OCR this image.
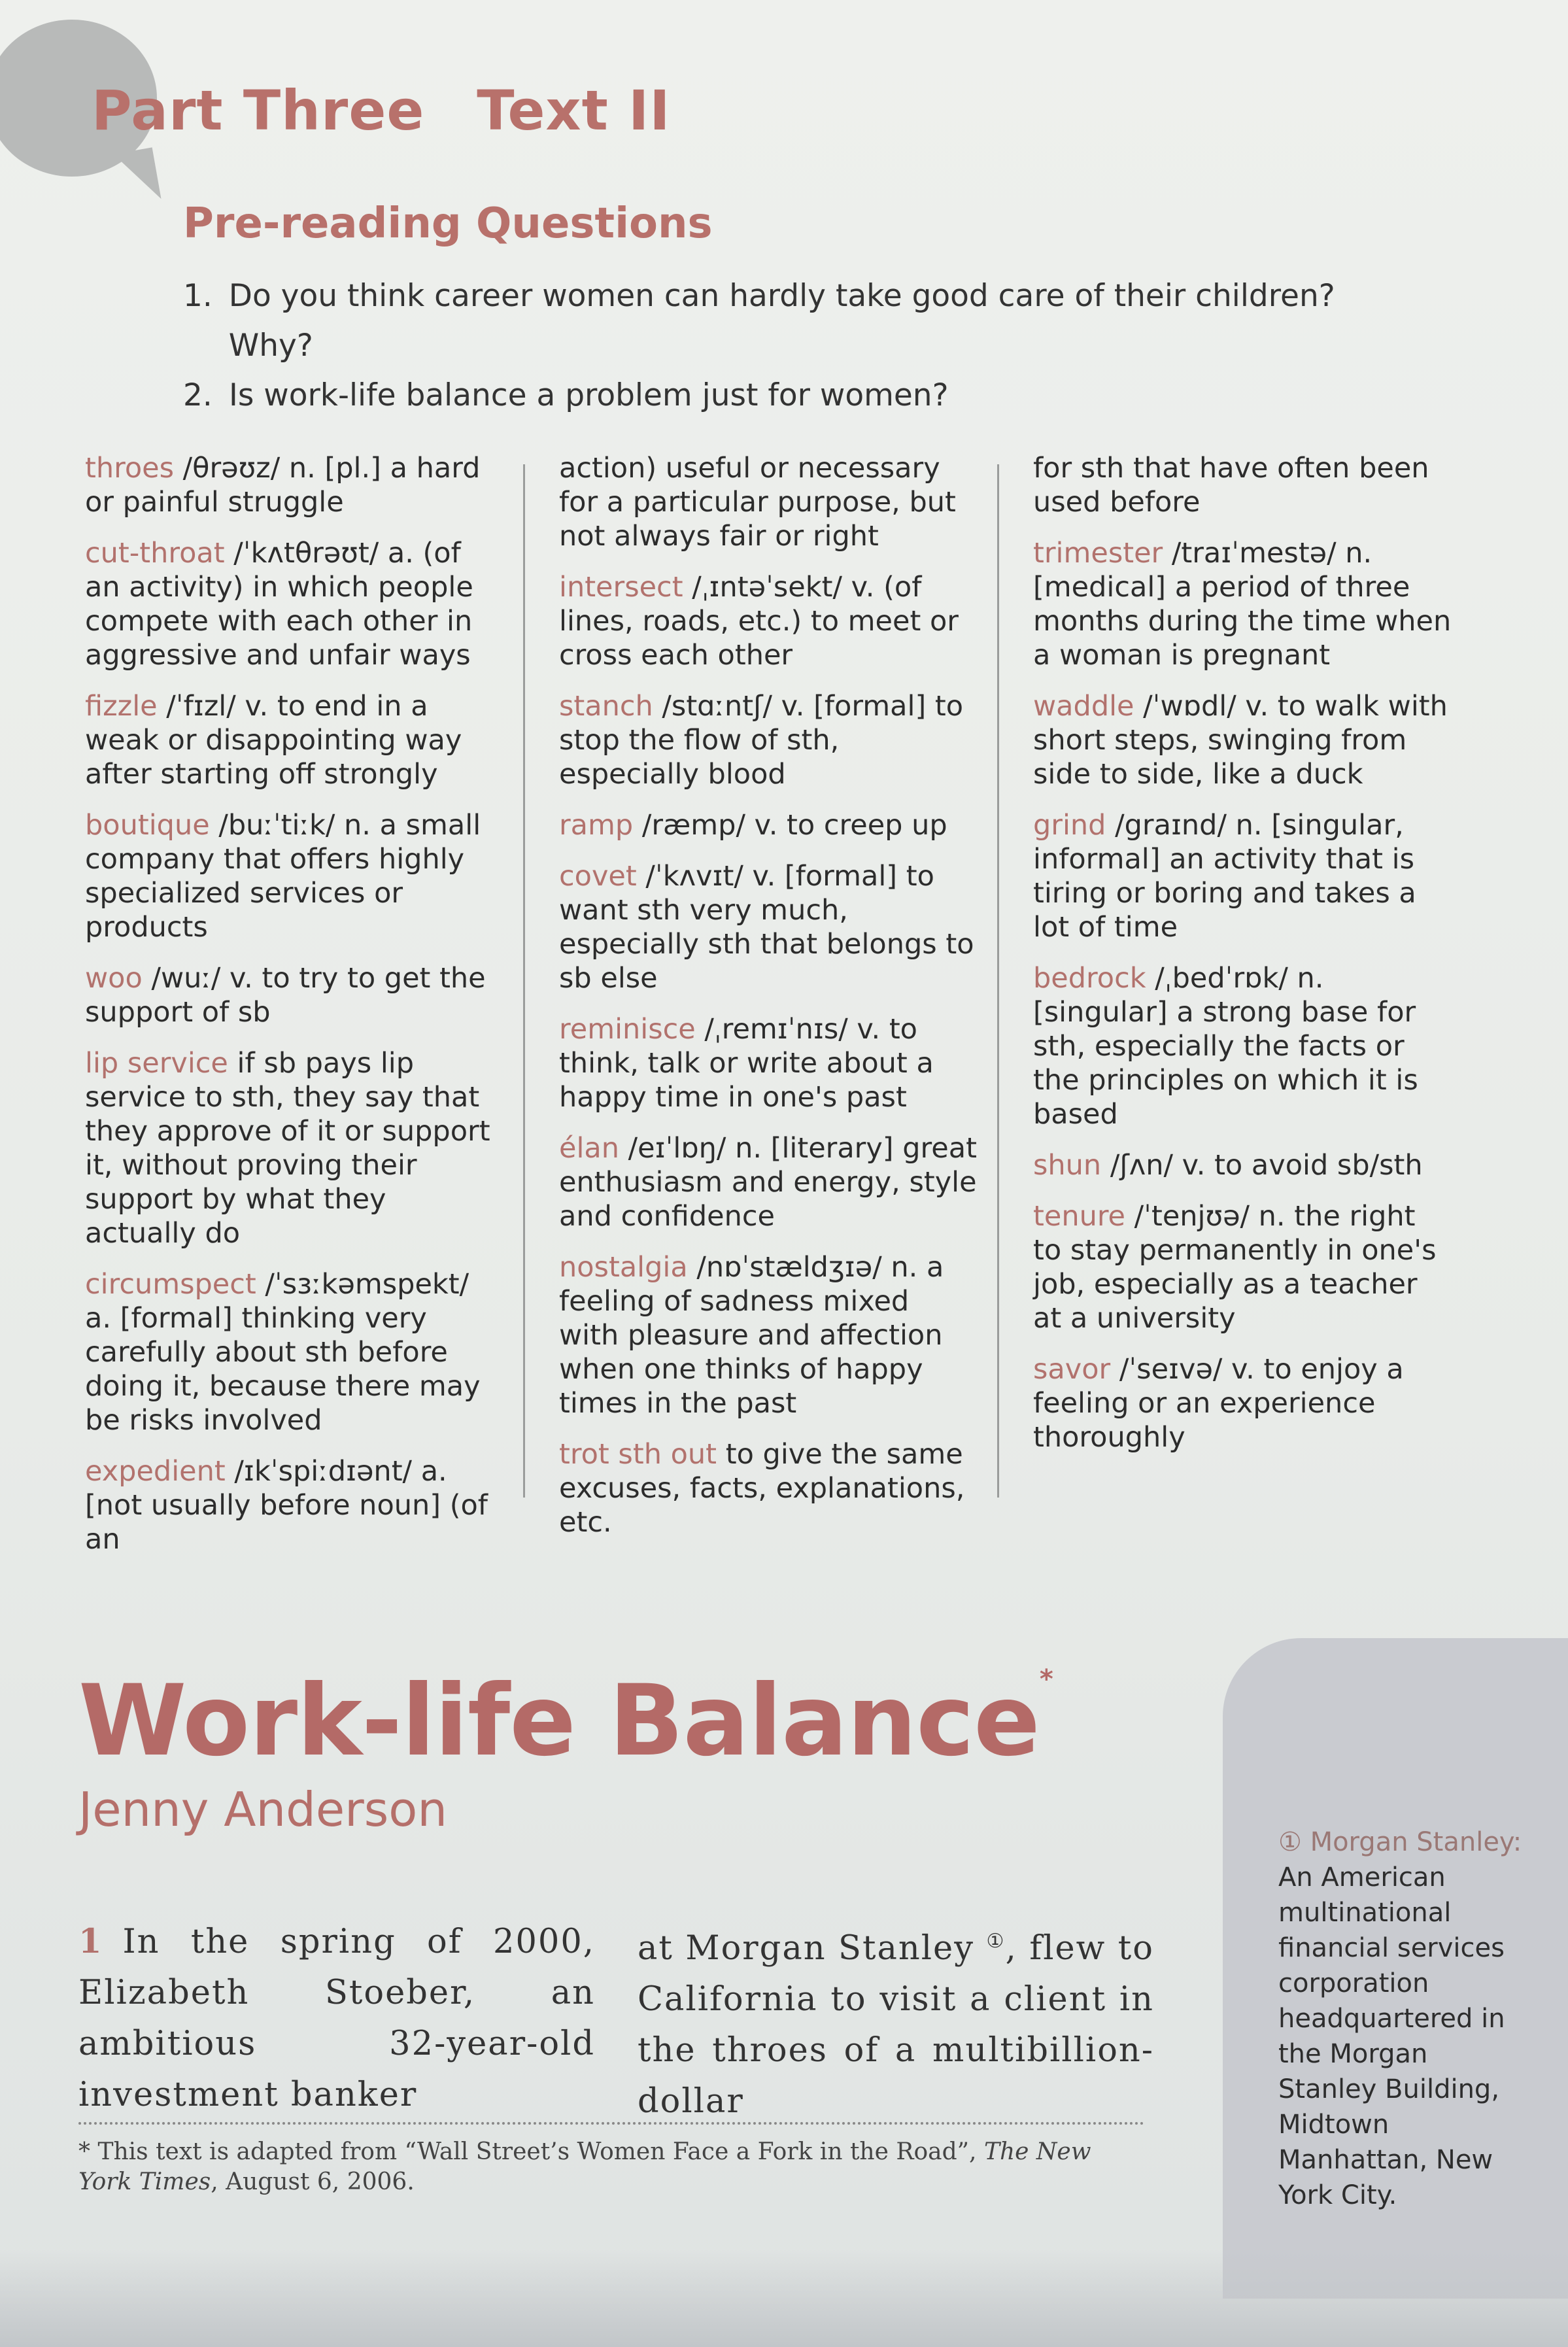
Part Three Text II
Pre-reading Questions
1. Do you think career women can hardly take good care of their children? Why?
2. Is work-life balance a problem just for women?
throes /θrəʊz/ n. [pl.] a hard or painful struggle
cut-throat /ˈkʌtθrəʊt/ a. (of an activity) in which people compete with each other in aggressive and unfair ways
fizzle /ˈfɪzl/ v. to end in a weak or disappointing way after starting off strongly
boutique /buːˈtiːk/ n. a small company that offers highly specialized services or products
woo /wuː/ v. to try to get the support of sb
lip service if sb pays lip service to sth, they say that they approve of it or support it, without proving their support by what they actually do
circumspect /ˈsɜːkəmspekt/ a. [formal] thinking very carefully about sth before doing it, because there may be risks involved
expedient /ɪkˈspiːdɪənt/ a. [not usually before noun] (of an
action) useful or necessary for a particular purpose, but not always fair or right
intersect /ˌɪntəˈsekt/ v. (of lines, roads, etc.) to meet or cross each other
stanch /stɑːntʃ/ v. [formal] to stop the flow of sth, especially blood
ramp /ræmp/ v. to creep up
covet /ˈkʌvɪt/ v. [formal] to want sth very much, especially sth that belongs to sb else
reminisce /ˌremɪˈnɪs/ v. to think, talk or write about a happy time in one's past
élan /eɪˈlɒŋ/ n. [literary] great enthusiasm and energy, style and confidence
nostalgia /nɒˈstældʒɪə/ n. a feeling of sadness mixed with pleasure and affection when one thinks of happy times in the past
trot sth out to give the same excuses, facts, explanations, etc.
for sth that have often been used before
trimester /traɪˈmestə/ n. [medical] a period of three months during the time when a woman is pregnant
waddle /ˈwɒdl/ v. to walk with short steps, swinging from side to side, like a duck
grind /graɪnd/ n. [singular, informal] an activity that is tiring or boring and takes a lot of time
bedrock /ˌbedˈrɒk/ n. [singular] a strong base for sth, especially the facts or the principles on which it is based
shun /ʃʌn/ v. to avoid sb/sth
tenure /ˈtenjʊə/ n. the right to stay permanently in one's job, especially as a teacher at a university
savor /ˈseɪvə/ v. to enjoy a feeling or an experience thoroughly
Work-life Balance*
Jenny Anderson
1 In the spring of 2000, Elizabeth Stoeber, an ambitious 32-year-old investment banker
at Morgan Stanley ①, flew to California to visit a client in the throes of a multibillion-dollar
* This text is adapted from “Wall Street’s Women Face a Fork in the Road”, The New York Times, August 6, 2006.
① Morgan Stanley: An American multinational financial services corporation headquartered in the Morgan Stanley Building, Midtown Manhattan, New York City.
